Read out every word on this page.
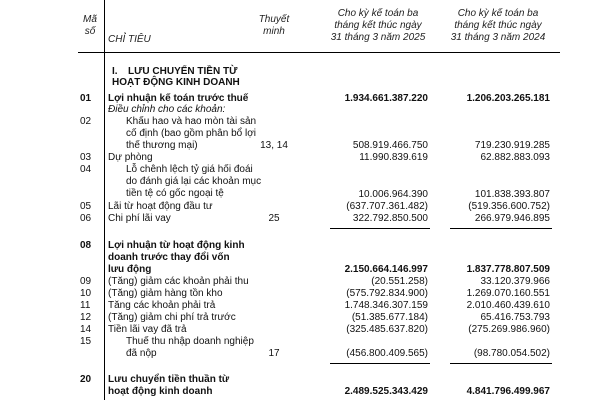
Mã
số
CHỈ TIÊU
Thuyết
minh
Cho kỳ kế toán ba
tháng kết thúc ngày
31 tháng 3 năm 2025
Cho kỳ kế toán ba
tháng kết thúc ngày
31 tháng 3 năm 2024
I. LƯU CHUYỂN TIỀN TỪ
HOẠT ĐỘNG KINH DOANH
01 Lợi nhuận kế toán trước thuế	1.934.661.387.220	1.206.203.265.181
Điều chỉnh cho các khoản:
02	Khấu hao và hao mòn tài sản
cố định (bao gồm phân bổ lợi
thế thương mại)	13, 14	508.919.466.750	719.230.919.285
03 Dự phòng	11.990.839.619	62.882.883.093
04	Lỗ chênh lệch tỷ giá hối đoái
do đánh giá lại các khoản mục
tiền tệ có gốc ngoại tệ	10.006.964.390	101.838.393.807
05 Lãi từ hoạt động đầu tư	(637.707.361.482)	(519.356.600.752)
06 Chi phí lãi vay	25	322.792.850.500	266.979.946.895
08 Lợi nhuận từ hoạt động kinh
doanh trước thay đổi vốn
lưu động	2.150.664.146.997	1.837.778.807.509
09 (Tăng) giảm các khoản phải thu	(20.551.258)	33.120.379.966
10 (Tăng) giảm hàng tồn kho	(575.792.834.900)	1.269.070.160.551
11 Tăng các khoản phải trả	1.748.346.307.159	2.010.460.439.610
12 (Tăng) giảm chi phí trả trước	(51.385.677.184)	65.416.753.793
14 Tiền lãi vay đã trả	(325.485.637.820)	(275.269.986.960)
15	Thuế thu nhập doanh nghiệp
đã nộp	17	(456.800.409.565)	(98.780.054.502)
20 Lưu chuyển tiền thuần từ
hoạt động kinh doanh	2.489.525.343.429	4.841.796.499.967
